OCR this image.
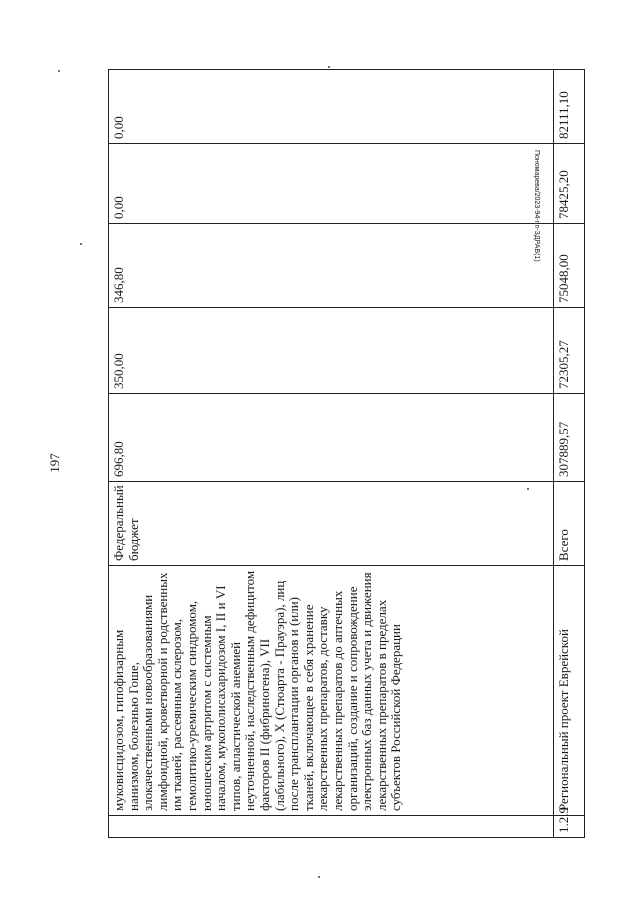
197
Пономарева/2023-94-пп-ЗДРАВ(1)
	муковисцидозом, гипофизарным нанизмом, болезнью Гоше, злокачественными новообразованиями лимфоидной, кроветворной и родственных им тканей, рассеянным склерозом, гемолитико-уремическим синдромом, юношеским артритом с системным началом, мукополисахаридозом I, II и VI типов, апластической анемией неуточненной, наследственным дефицитом факторов II (фибриногена), VII (лабильного), X (Стюарта - Прауэра), лиц после трансплантации органов и (или) тканей, включающее в себя хранение лекарственных препаратов, доставку лекарственных препаратов до аптечных организаций, создание и сопровождение электронных баз данных учета и движения лекарственных препаратов в пределах субъектов Российской Федерации	Федеральный бюджет	696,80	350,00	346,80	0,00	0,00
1.2.9	Региональный проект Еврейской	Всего	307889,57	72305,27	75048,00	78425,20	82111,10
